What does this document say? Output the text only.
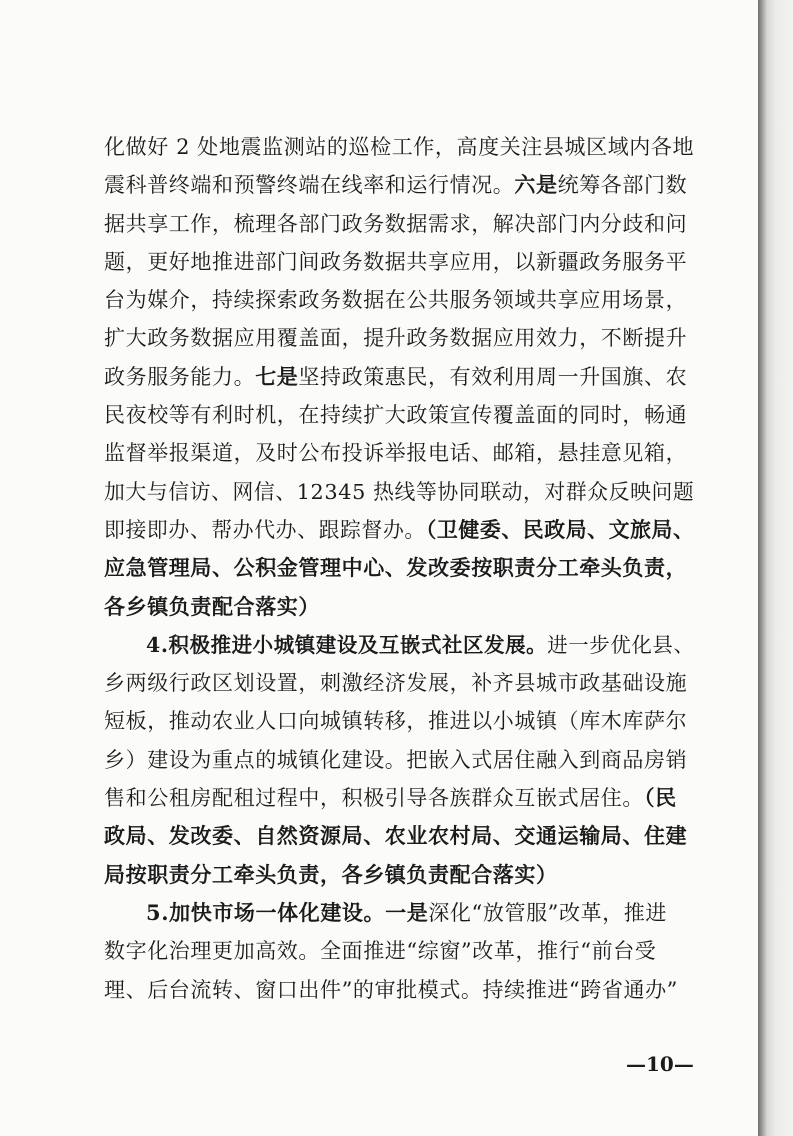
化做好 2 处地震监测站的巡检工作，高度关注县城区域内各地
震科普终端和预警终端在线率和运行情况。六是统筹各部门数
据共享工作，梳理各部门政务数据需求，解决部门内分歧和问
题，更好地推进部门间政务数据共享应用，以新疆政务服务平
台为媒介，持续探索政务数据在公共服务领域共享应用场景，
扩大政务数据应用覆盖面，提升政务数据应用效力，不断提升
政务服务能力。七是坚持政策惠民，有效利用周一升国旗、农
民夜校等有利时机，在持续扩大政策宣传覆盖面的同时，畅通
监督举报渠道，及时公布投诉举报电话、邮箱，悬挂意见箱，
加大与信访、网信、12345 热线等协同联动，对群众反映问题
即接即办、帮办代办、跟踪督办。（卫健委、民政局、文旅局、
应急管理局、公积金管理中心、发改委按职责分工牵头负责，
各乡镇负责配合落实）
4.积极推进小城镇建设及互嵌式社区发展。进一步优化县、
乡两级行政区划设置，刺激经济发展，补齐县城市政基础设施
短板，推动农业人口向城镇转移，推进以小城镇（库木库萨尔
乡）建设为重点的城镇化建设。把嵌入式居住融入到商品房销
售和公租房配租过程中，积极引导各族群众互嵌式居住。（民
政局、发改委、自然资源局、农业农村局、交通运输局、住建
局按职责分工牵头负责，各乡镇负责配合落实）
5.加快市场一体化建设。一是深化“放管服”改革，推进
数字化治理更加高效。全面推进“综窗”改革，推行“前台受
理、后台流转、窗口出件”的审批模式。持续推进“跨省通办”
—10—
